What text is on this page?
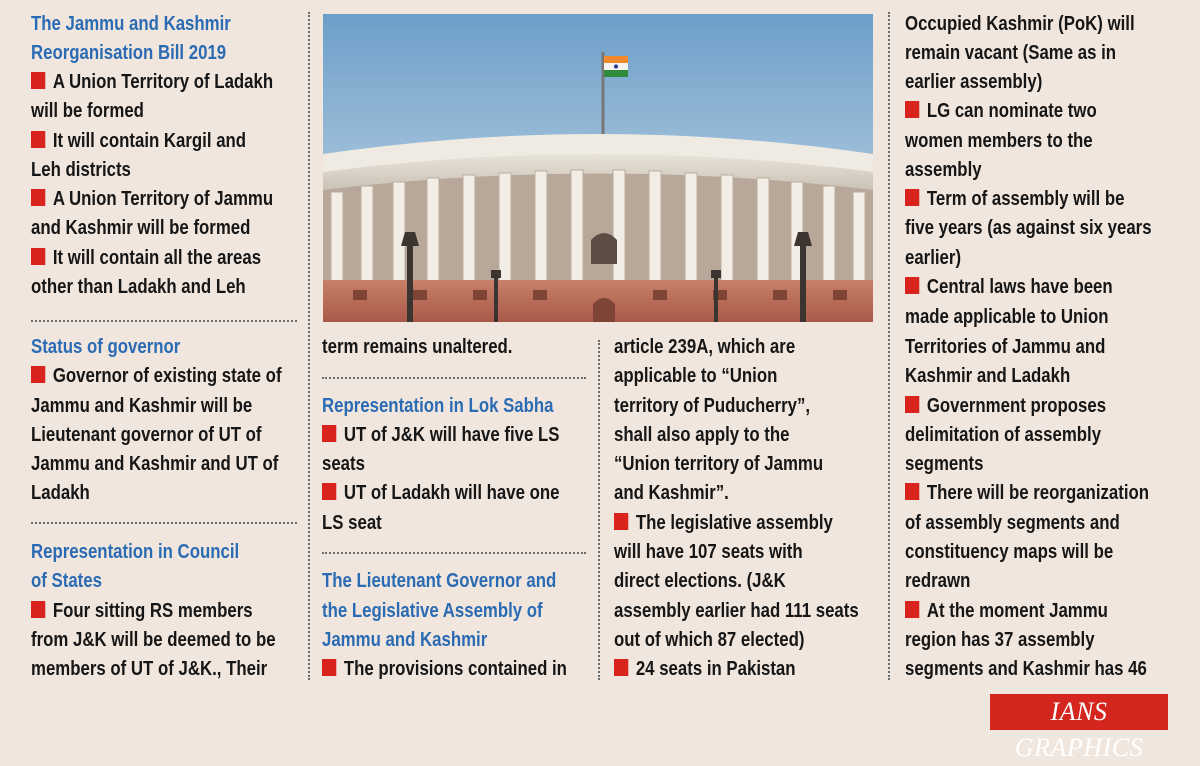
The Jammu and Kashmir
Reorganisation Bill 2019
A Union Territory of Ladakh
will be formed
It will contain Kargil and
Leh districts
A Union Territory of Jammu
and Kashmir will be formed
It will contain all the areas
other than Ladakh and Leh
Status of governor
Governor of existing state of
Jammu and Kashmir will be
Lieutenant governor of UT of
Jammu and Kashmir and UT of
Ladakh
Representation in Council
of States
Four sitting RS members
from J&K will be deemed to be
members of UT of J&K., Their
term remains unaltered.
Representation in Lok Sabha
UT of J&K will have five LS
seats
UT of Ladakh will have one
LS seat
The Lieutenant Governor and
the Legislative Assembly of
Jammu and Kashmir
The provisions contained in
article 239A, which are
applicable to “Union
territory of Puducherry”,
shall also apply to the
“Union territory of Jammu
and Kashmir”.
The legislative assembly
will have 107 seats with
direct elections. (J&K
assembly earlier had 111 seats
out of which 87 elected)
24 seats in Pakistan
Occupied Kashmir (PoK) will
remain vacant (Same as in
earlier assembly)
LG can nominate two
women members to the
assembly
Term of assembly will be
five years (as against six years
earlier)
Central laws have been
made applicable to Union
Territories of Jammu and
Kashmir and Ladakh
Government proposes
delimitation of assembly
segments
There will be reorganization
of assembly segments and
constituency maps will be
redrawn
At the moment Jammu
region has 37 assembly
segments and Kashmir has 46
IANS GRAPHICS
